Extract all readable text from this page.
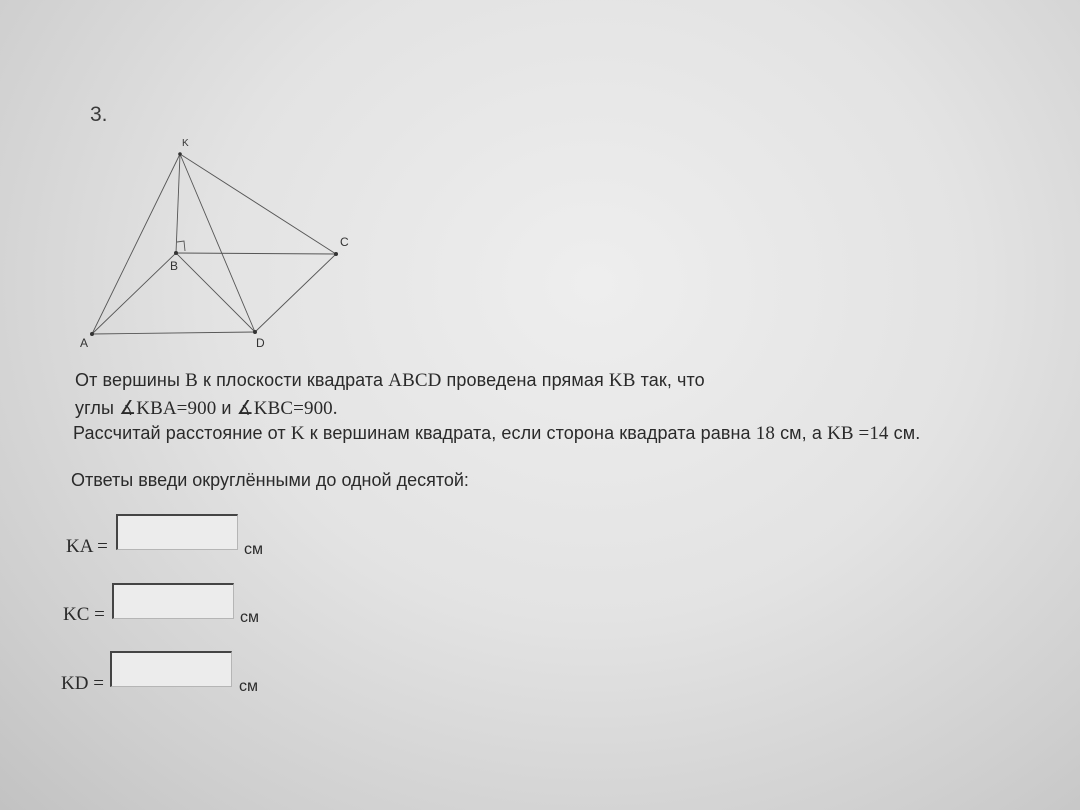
3.
K
B
A
C
D
От вершины B к плоскости квадрата ABCD проведена прямая KB так, что
углы ∡KBA=900 и ∡KBC=900.
Рассчитай расстояние от K к вершинам квадрата, если сторона квадрата равна 18 см, а KB =14 см.
Ответы введи округлёнными до одной десятой:
KA =	см
KC =	см
KD =	см
